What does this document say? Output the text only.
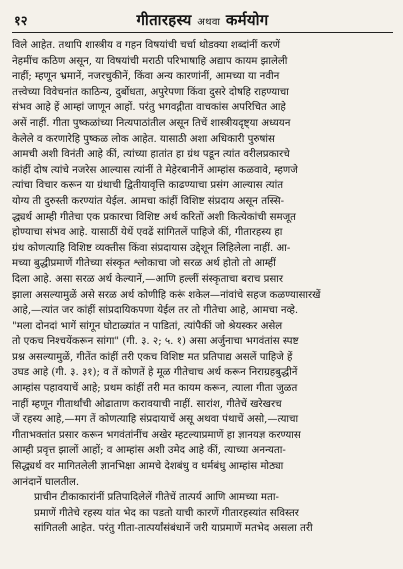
१२	गीतारहस्य अथवा कर्मयोग

विले आहेत. तथापि शास्त्रीय व गहन विषयांची चर्चा थोडक्या शब्दांनीं करणें
नेहमींच कठिण असून, या विषयांची मराठी परिभाषाहि अद्याप कायम झालेली
नाहीं; म्हणून भ्रमानें, नजरचुकीनें, किंवा अन्य कारणांनीं, आमच्या या नवीन
तत्त्वेच्या विवेचनांत काठिन्य, दुर्बोधता, अपुरेपणा किंवा दुसरे दोषहि राहण्याचा
संभव आहे हें आम्हां जाणून आहों. परंतु भगवद्गीता वाचकांस अपरिचित आहे
असें नाहीं. गीता पुष्कळांच्या नित्यपाठांतील असून तिचें शास्त्रीयदृष्ट्या अध्ययन
केलेले व करणारेहि पुष्कळ लोक आहेत. यासाठी अशा अधिकारी पुरुषांस
आमची अशी विनंती आहे कीं, त्यांच्या हातांत हा ग्रंथ पडून त्यांत वरीलप्रकारचे
कांहीं दोष त्यांचे नजरेस आल्यास त्यांनीं ते मेहेरबानीनें आम्हांस कळवावे, म्हणजे
त्यांचा विचार करून या ग्रंथाची द्वितीयावृत्ति काढण्याचा प्रसंग आल्यास त्यांत
योग्य ती दुरुस्ती करण्यांत येईल. आमचा कांहीं विशिष्ट संप्रदाय असून तस्सि-
द्ध्यर्थ आम्ही गीतेचा एक प्रकारचा विशिष्ट अर्थ करितों अशी कित्येकांची समजूत
होण्याचा संभव आहे. यासाठीं येथें एवढें सांगितलें पाहिजे कीं, गीतारहस्य हा
ग्रंथ कोणत्याहि विशिष्ट व्यक्तीस किंवा संप्रदायास उद्देशून लिहिलेला नाहीं. आ-
मच्या बुद्धीप्रमाणें गीतेच्या संस्कृत श्लोकाचा जो सरळ अर्थ होतो तो आम्हीं
दिला आहे. असा सरळ अर्थ केल्यानें,—आणि हल्लीं संस्कृताचा बराच प्रसार
झाला असल्यामुळें असे सरळ अर्थ कोणीहि करूं शकेल—नांवांचे सहज कळण्यासारखें
आहे,—त्यांत जर कांहीं सांप्रदायिकपणा येईल तर तो गीतेचा आहे, आमचा नव्हे.
"मला दोनदां भागें सांगून घोटाळ्यांत न पाडितां, त्यांपैकीं जो श्रेयस्कर असेल
तो एकच निश्चयेंकरून सांगा" (गी. ३. २; ५. १) असा अर्जुनाचा भगवंतांस स्पष्ट
प्रश्न असल्यामुळें, गीतेंत कांहीं तरी एकच विशिष्ट मत प्रतिपाद्य असलें पाहिजे हें
उघड आहे (गी. ३. ३१); व तें कोणतें हे मूळ गीतेचाच अर्थ करून निराग्रहबुद्धीनें
आम्हांस पहावयाचें आहे; प्रथम कांहीं तरी मत कायम करून, त्याला गीता जुळत
नाहीं म्हणून गीतार्थांची ओढाताण करावयाची नाहीं. सारांश, गीतेचें खरेखरच
जें रहस्य आहे,—मग तें कोणत्याहि संप्रदायाचें असू अथवा पंथाचें असो,—त्याचा
गीताभक्तांत प्रसार करून भगवंतांनींच अखेर म्हटल्याप्रमाणें हा ज्ञानयज्ञ करण्यास
आम्ही प्रवृत्त झालों आहों; व आम्हांस अशी उमेद आहे कीं, त्याच्या अनन्यता-
सिद्ध्यर्थ वर मागितलेली ज्ञानभिक्षा आमचे देशबंधु व धर्मबंधु आम्हांस मोठ्या
आनंदानें घालतील.

प्राचीन टीकाकारांनीं प्रतिपादिलेलें गीतेचें तात्पर्य आणि आमच्या मता-
प्रमाणें गीतेचे रहस्य यांत भेद का पडतो याची कारणें गीतारहस्यांत सविस्तर
सांगितली आहेत. परंतु गीता-तात्पर्यांसंबंधानें जरी याप्रमाणें मतभेद असला तरी
